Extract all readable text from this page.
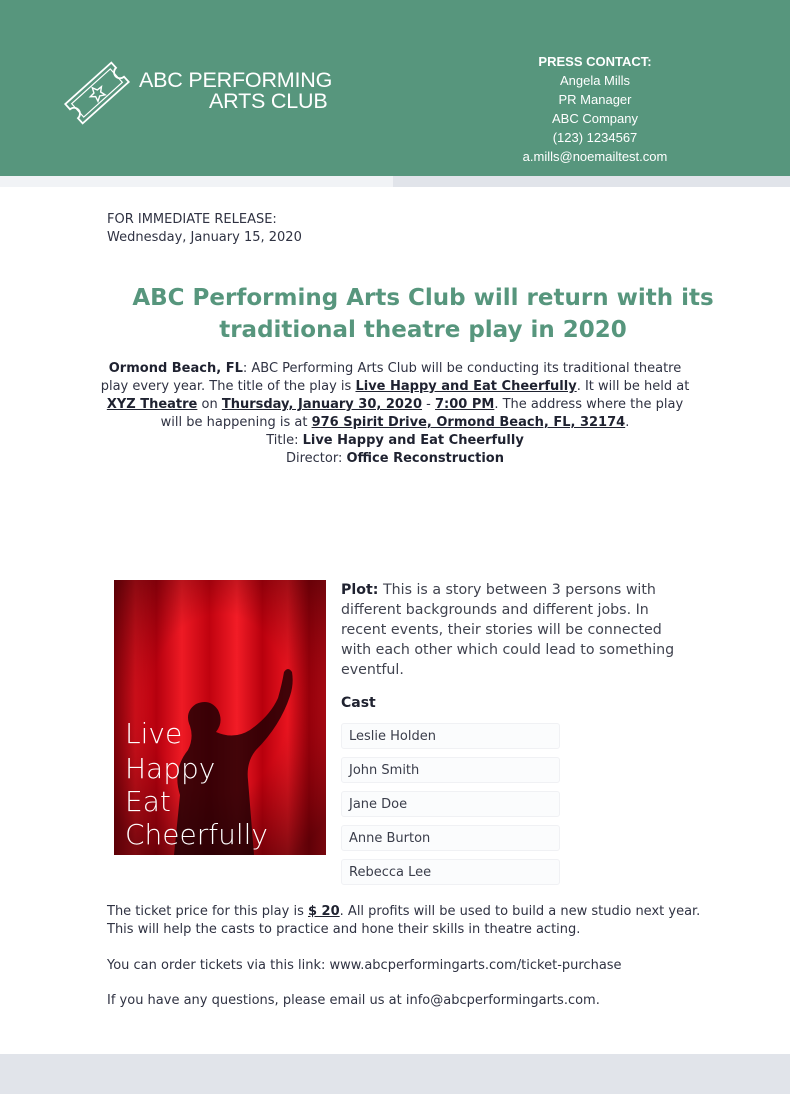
ABC PERFORMING
ARTS CLUB
PRESS CONTACT:
Angela Mills
PR Manager
ABC Company
(123) 1234567
a.mills@noemailtest.com
FOR IMMEDIATE RELEASE:
Wednesday, January 15, 2020
ABC Performing Arts Club will return with its traditional theatre play in 2020
Ormond Beach, FL: ABC Performing Arts Club will be conducting its traditional theatre play every year. The title of the play is Live Happy and Eat Cheerfully. It will be held at XYZ Theatre on Thursday, January 30, 2020 - 7:00 PM. The address where the play will be happening is at 976 Spirit Drive, Ormond Beach, FL, 32174.
Title: Live Happy and Eat Cheerfully
Director: Office Reconstruction
Live
Happy
Eat
Cheerfully
Plot: This is a story between 3 persons with different backgrounds and different jobs. In recent events, their stories will be connected with each other which could lead to something eventful.
Cast
Leslie Holden
John Smith
Jane Doe
Anne Burton
Rebecca Lee
The ticket price for this play is $ 20. All profits will be used to build a new studio next year. This will help the casts to practice and hone their skills in theatre acting.
You can order tickets via this link: www.abcperformingarts.com/ticket-purchase
If you have any questions, please email us at info@abcperformingarts.com.
